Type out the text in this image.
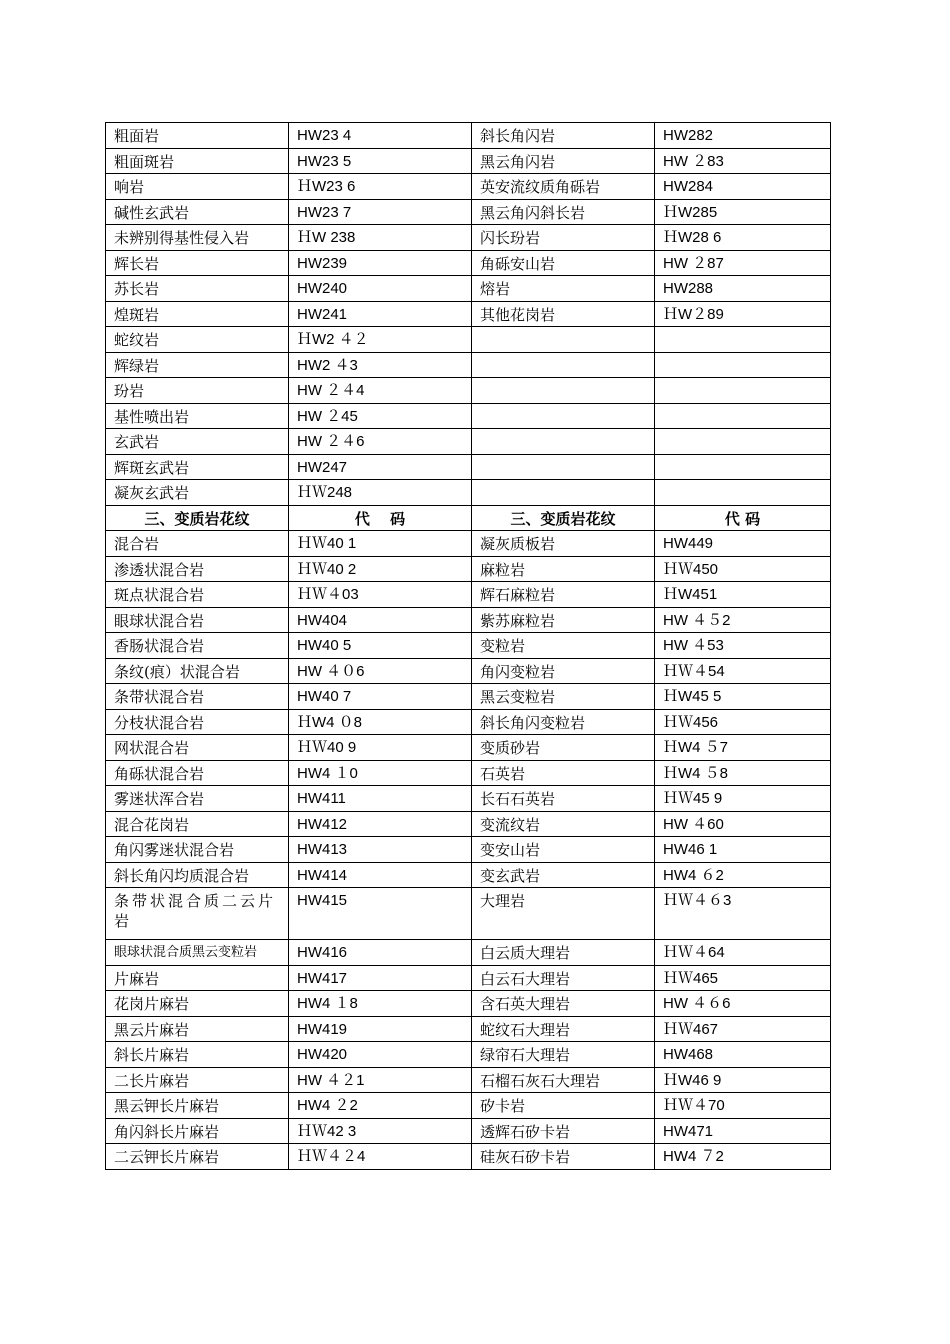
粗面岩	HW23 4	斜长角闪岩	HW282
粗面斑岩	HW23 5	黑云角闪岩	HW ２83
响岩	ＨW23 6	英安流纹质角砾岩	HW284
碱性玄武岩	HW23 7	黑云角闪斜长岩	ＨW285
未辨别得基性侵入岩	ＨW 238	闪长玢岩	ＨW28 6
辉长岩	HW239	角砾安山岩	HW ２87
苏长岩	HW240	熔岩	HW288
煌斑岩	HW241	其他花岗岩	ＨW２89
蛇纹岩	ＨW2 ４２		
辉绿岩	HW2 ４3		
玢岩	HW ２４4		
基性喷出岩	HW ２45		
玄武岩	HW ２４6		
辉斑玄武岩	HW247		
凝灰玄武岩	ＨＷ248		
三、变质岩花纹	代　 码	三、变质岩花纹	代 码
混合岩	ＨＷ40 1	凝灰质板岩	HW449
渗透状混合岩	ＨＷ40 2	麻粒岩	ＨＷ450
斑点状混合岩	ＨＷ４03	辉石麻粒岩	ＨW451
眼球状混合岩	HW404	紫苏麻粒岩	HW ４５2
香肠状混合岩	HW40 5	变粒岩	HW ４53
条纹(痕）状混合岩	HW ４０6	角闪变粒岩	ＨＷ４54
条带状混合岩	HW40 7	黑云变粒岩	ＨW45 5
分枝状混合岩	ＨW4 ０8	斜长角闪变粒岩	ＨＷ456
网状混合岩	ＨＷ40 9	变质砂岩	ＨW4 ５7
角砾状混合岩	HW4 １0	石英岩	ＨW4 ５8
雾迷状浑合岩	HW411	长石石英岩	ＨＷ45 9
混合花岗岩	HW412	变流纹岩	HW ４60
角闪雾迷状混合岩	HW413	变安山岩	HW46 1
斜长角闪均质混合岩	HW414	变玄武岩	HW4 ６2
条带状混合质二云片岩	HW415	大理岩	ＨＷ４６3
眼球状混合质黑云变粒岩	HW416	白云质大理岩	ＨＷ４64
片麻岩	HW417	白云石大理岩	ＨＷ465
花岗片麻岩	HW4 １8	含石英大理岩	HW ４６6
黑云片麻岩	HW419	蛇纹石大理岩	ＨＷ467
斜长片麻岩	HW420	绿帘石大理岩	HW468
二长片麻岩	HW ４２1	石榴石灰石大理岩	ＨW46 9
黑云钾长片麻岩	HW4 ２2	矽卡岩	ＨＷ４70
角闪斜长片麻岩	ＨＷ42 3	透辉石矽卡岩	HW471
二云钾长片麻岩	ＨＷ４２4	硅灰石矽卡岩	HW4 ７2
